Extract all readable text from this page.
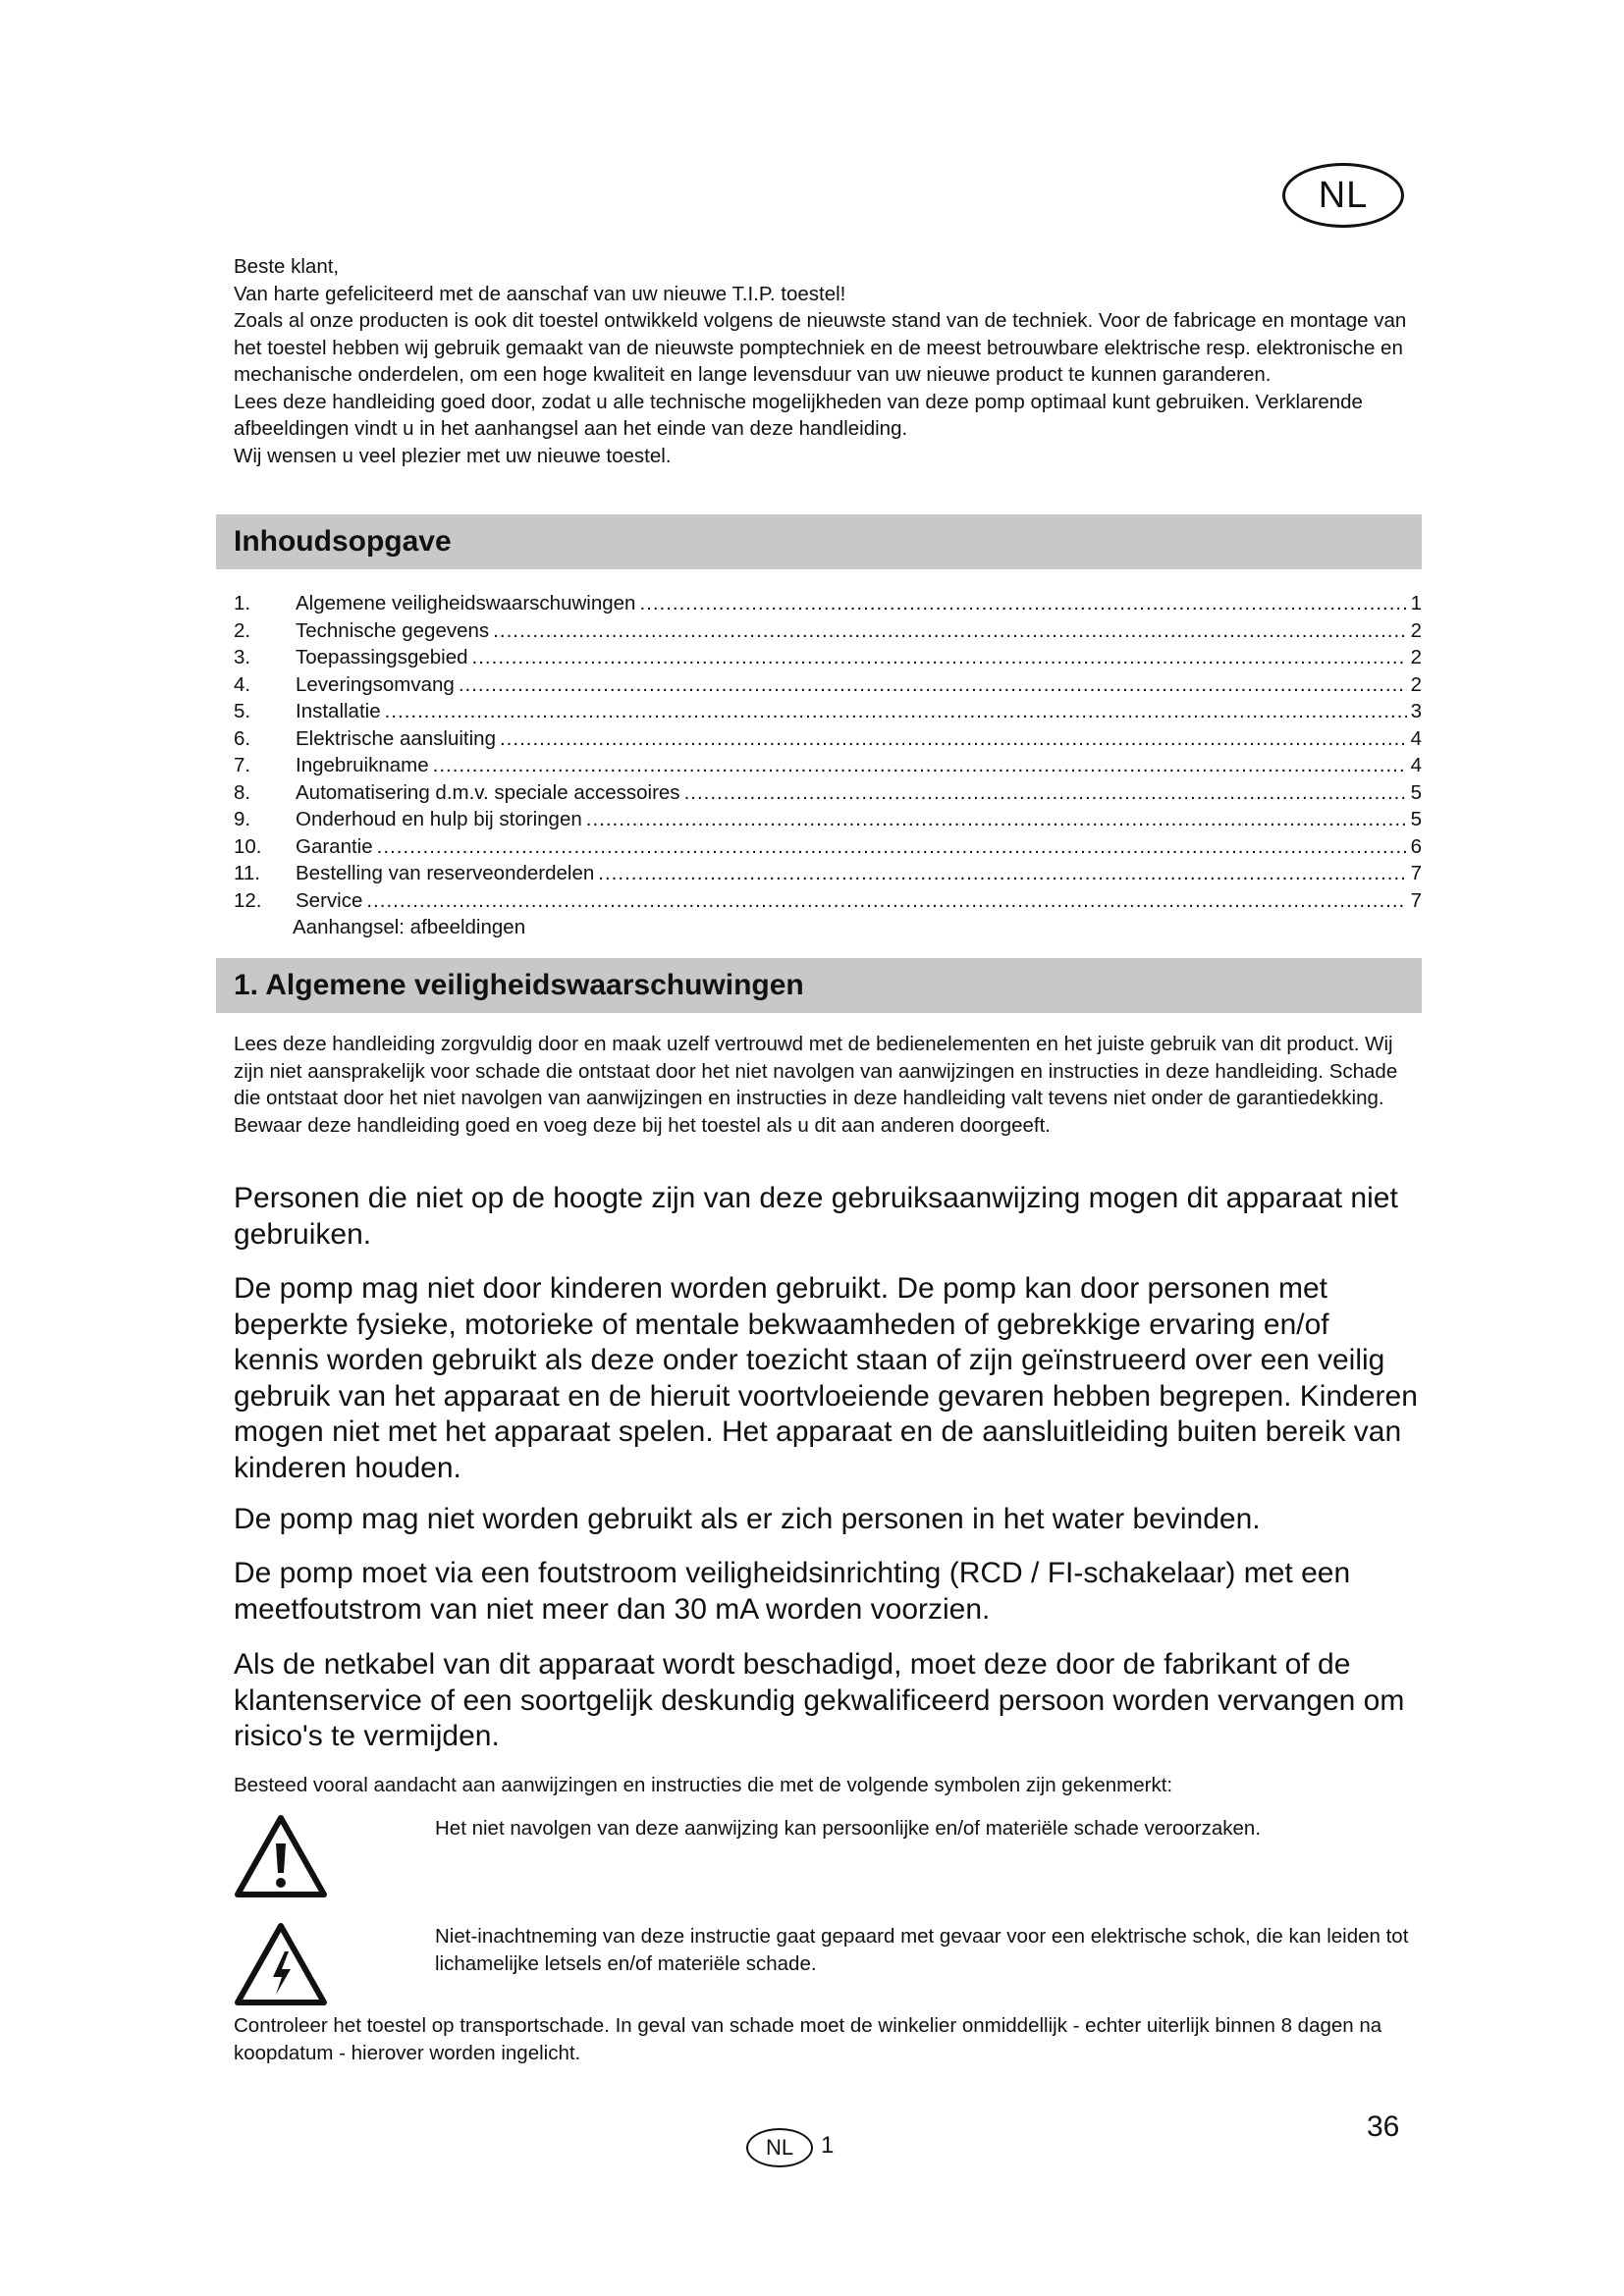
NL

Beste klant,

Van harte gefeliciteerd met de aanschaf van uw nieuwe T.I.P. toestel!

Zoals al onze producten is ook dit toestel ontwikkeld volgens de nieuwste stand van de techniek. Voor de fabricage en montage van het toestel hebben wij gebruik gemaakt van de nieuwste pomptechniek en de meest betrouwbare elektrische resp. elektronische en mechanische onderdelen, om een hoge kwaliteit en lange levensduur van uw nieuwe product te kunnen garanderen.

Lees deze handleiding goed door, zodat u alle technische mogelijkheden van deze pomp optimaal kunt gebruiken. Verklarende afbeeldingen vindt u in het aanhangsel aan het einde van deze handleiding.

Wij wensen u veel plezier met uw nieuwe toestel.

Inhoudsopgave
1.	Algemene veiligheidswaarschuwingen .....	1
2.	Technische gegevens .....	2
3.	Toepassingsgebied .....	2
4.	Leveringsomvang .....	2
5.	Installatie .....	3
6.	Elektrische aansluiting .....	4
7.	Ingebruikname .....	4
8.	Automatisering d.m.v. speciale accessoires .....	5
9.	Onderhoud en hulp bij storingen .....	5
10.	Garantie .....	6
11.	Bestelling van reserveonderdelen .....	7
12.	Service .....	7
Aanhangsel: afbeeldingen
1. Algemene veiligheidswaarschuwingen

Lees deze handleiding zorgvuldig door en maak uzelf vertrouwd met de bedienelementen en het juiste gebruik van dit product. Wij zijn niet aansprakelijk voor schade die ontstaat door het niet navolgen van aanwijzingen en instructies in deze handleiding. Schade die ontstaat door het niet navolgen van aanwijzingen en instructies in deze handleiding valt tevens niet onder de garantiedekking. Bewaar deze handleiding goed en voeg deze bij het toestel als u dit aan anderen doorgeeft.

Personen die niet op de hoogte zijn van deze gebruiksaanwijzing mogen dit apparaat niet gebruiken.

De pomp mag niet door kinderen worden gebruikt. De pomp kan door personen met beperkte fysieke, motorieke of mentale bekwaamheden of gebrekkige ervaring en/of kennis worden gebruikt als deze onder toezicht staan of zijn geïnstrueerd over een veilig gebruik van het apparaat en de hieruit voortvloeiende gevaren hebben begrepen. Kinderen mogen niet met het apparaat spelen. Het apparaat en de aansluitleiding buiten bereik van kinderen houden.

De pomp mag niet worden gebruikt als er zich personen in het water bevinden.

De pomp moet via een foutstroom veiligheidsinrichting (RCD / FI-schakelaar) met een meetfoutstrom van niet meer dan 30 mA worden voorzien.

Als de netkabel van dit apparaat wordt beschadigd, moet deze door de fabrikant of de klantenservice of een soortgelijk deskundig gekwalificeerd persoon worden vervangen om risico's te vermijden.

Besteed vooral aandacht aan aanwijzingen en instructies die met de volgende symbolen zijn gekenmerkt:

Het niet navolgen van deze aanwijzing kan persoonlijke en/of materiële schade veroorzaken.

Niet-inachtneming van deze instructie gaat gepaard met gevaar voor een elektrische schok, die kan leiden tot lichamelijke letsels en/of materiële schade.

Controleer het toestel op transportschade. In geval van schade moet de winkelier onmiddellijk - echter uiterlijk binnen 8 dagen na koopdatum - hierover worden ingelicht.

NL	1
36
